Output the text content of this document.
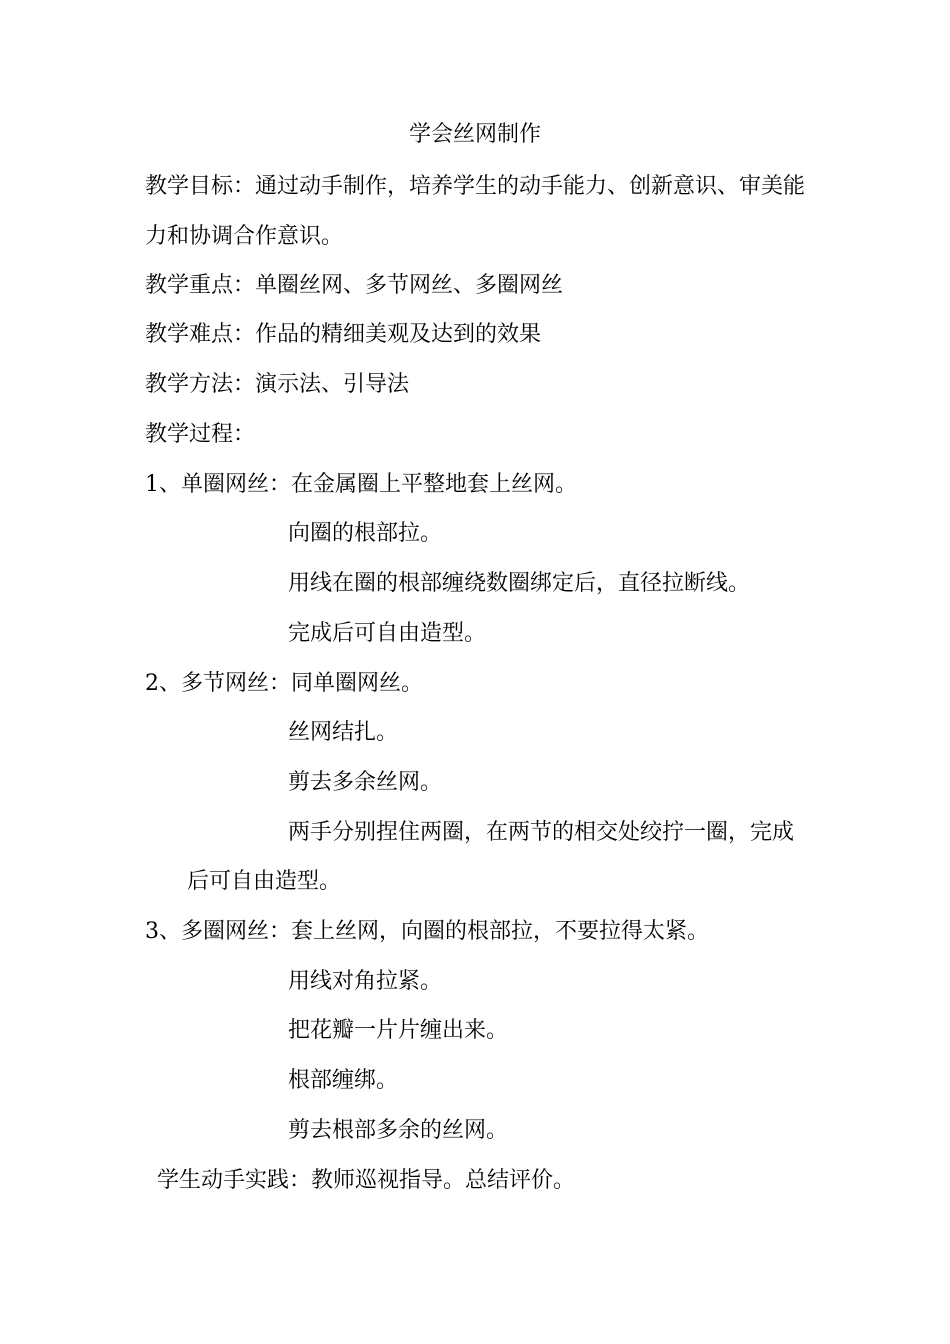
学会丝网制作
教学目标：通过动手制作，培养学生的动手能力、创新意识、审美能
力和协调合作意识。
教学重点：单圈丝网、多节网丝、多圈网丝
教学难点：作品的精细美观及达到的效果
教学方法：演示法、引导法
教学过程：
1、单圈网丝：在金属圈上平整地套上丝网。
向圈的根部拉。
用线在圈的根部缠绕数圈绑定后，直径拉断线。
完成后可自由造型。
2、多节网丝：同单圈网丝。
丝网结扎。
剪去多余丝网。
两手分别捏住两圈，在两节的相交处绞拧一圈，完成
后可自由造型。
3、多圈网丝：套上丝网，向圈的根部拉，不要拉得太紧。
用线对角拉紧。
把花瓣一片片缠出来。
根部缠绑。
剪去根部多余的丝网。
学生动手实践：教师巡视指导。总结评价。
